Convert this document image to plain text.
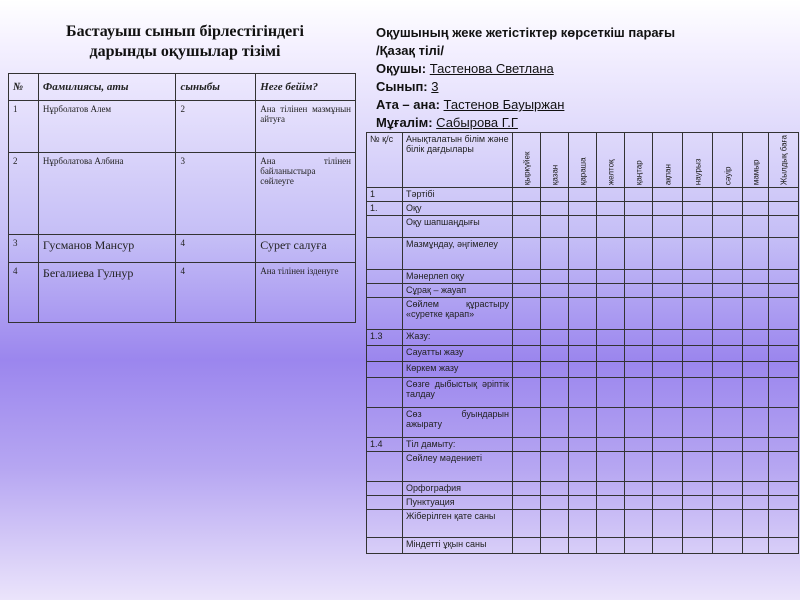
Бастауыш сынып бірлестігіндегі
дарынды оқушылар тізімі
№	Фамилиясы, аты	сыныбы	Неге бейім?
1	Нұрболатов Алем	2	Ана тілінен мазмұнын айтуға
2	Нұрболатова Албина	3	Ана тілінен байланыстыра сөйлеуге
3	Гусманов Мансур	4	Сурет салуға
4	Бегалиева Гулнур	4	Ана тілінен ізденуге
Оқушының жеке жетістіктер көрсеткіш парағы
/Қазақ тілі/
Оқушы: Тастенова Светлана
Сынып: 3
Ата – ана: Тастенов Бауыржан
Мұғалім: Сабырова Г.Г
№ қ/с	Анықталатын білім және білік дағдылары	қыркүйек	қазан	қараша	желтоқ	қаңтар	ақпан	наурыз	сәуір	мамыр	Жылдық баға
1	Тәртібі										
1.	Оқу										
	Оқу шапшаңдығы										
	Мазмұндау, әңгімелеу										
	Мәнерлеп оқу										
	Сұрақ – жауап										
	Сөйлем құрастыру «суретке қарап»										
1.3	Жазу:										
	Сауатты жазу										
	Көркем жазу										
	Сөзге дыбыстық әріптік талдау										
	Сөз буындарын ажырату										
1.4	Тіл дамыту:										
	Сөйлеу мәдениеті										
	Орфография										
	Пунктуация										
	Жіберілген қате саны										
	Міндетті ұқын саны										
